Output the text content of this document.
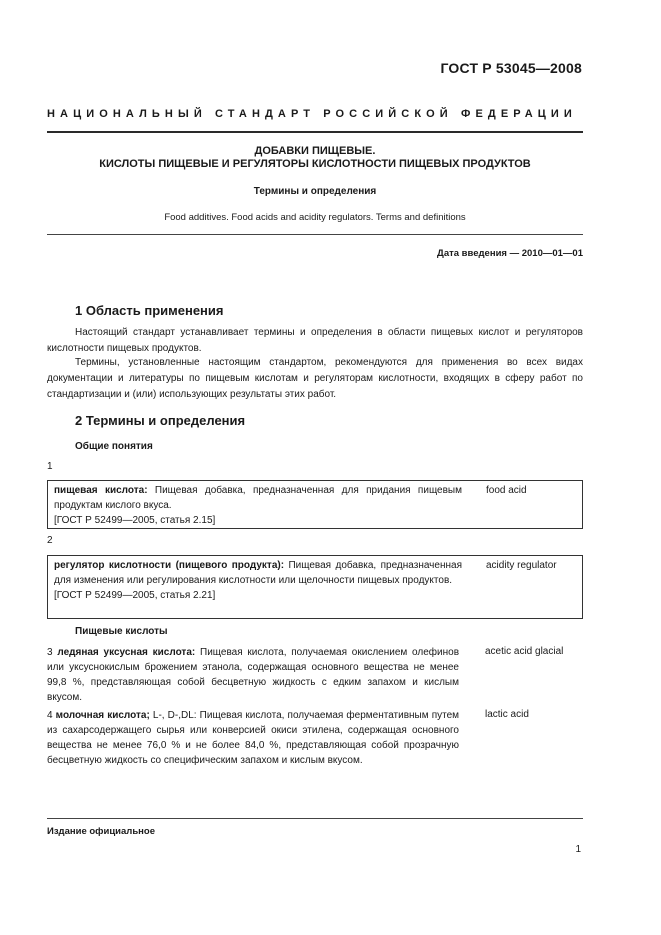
ГОСТ Р 53045—2008
НАЦИОНАЛЬНЫЙ СТАНДАРТ РОССИЙСКОЙ ФЕДЕРАЦИИ
ДОБАВКИ ПИЩЕВЫЕ.
КИСЛОТЫ ПИЩЕВЫЕ И РЕГУЛЯТОРЫ КИСЛОТНОСТИ ПИЩЕВЫХ ПРОДУКТОВ
Термины и определения
Food additives. Food acids and acidity regulators. Terms and definitions
Дата введения — 2010—01—01
1 Область применения
Настоящий стандарт устанавливает термины и определения в области пищевых кислот и регуляторов кислотности пищевых продуктов.
Термины, установленные настоящим стандартом, рекомендуются для применения во всех видах документации и литературы по пищевым кислотам и регуляторам кислотности, входящих в сферу работ по стандартизации и (или) использующих результаты этих работ.
2 Термины и определения
Общие понятия
1
пищевая кислота: Пищевая добавка, предназначенная для придания пищевым продуктам кислого вкуса.
[ГОСТ Р 52499—2005, статья 2.15]
food acid
2
регулятор кислотности (пищевого продукта): Пищевая добавка, предназначенная для изменения или регулирования кислотности или щелочности пищевых продуктов.
[ГОСТ Р 52499—2005, статья 2.21]
acidity regulator
Пищевые кислоты
3 ледяная уксусная кислота: Пищевая кислота, получаемая окислением олефинов или уксуснокислым брожением этанола, содержащая основного вещества не менее 99,8 %, представляющая собой бесцветную жидкость с едким запахом и кислым вкусом.
acetic acid glacial
4 молочная кислота; L-, D-,DL: Пищевая кислота, получаемая ферментативным путем из сахарсодержащего сырья или конверсией окиси этилена, содержащая основного вещества не менее 76,0 % и не более 84,0 %, представляющая собой прозрачную бесцветную жидкость со специфическим запахом и кислым вкусом.
lactic acid
Издание официальное
1
